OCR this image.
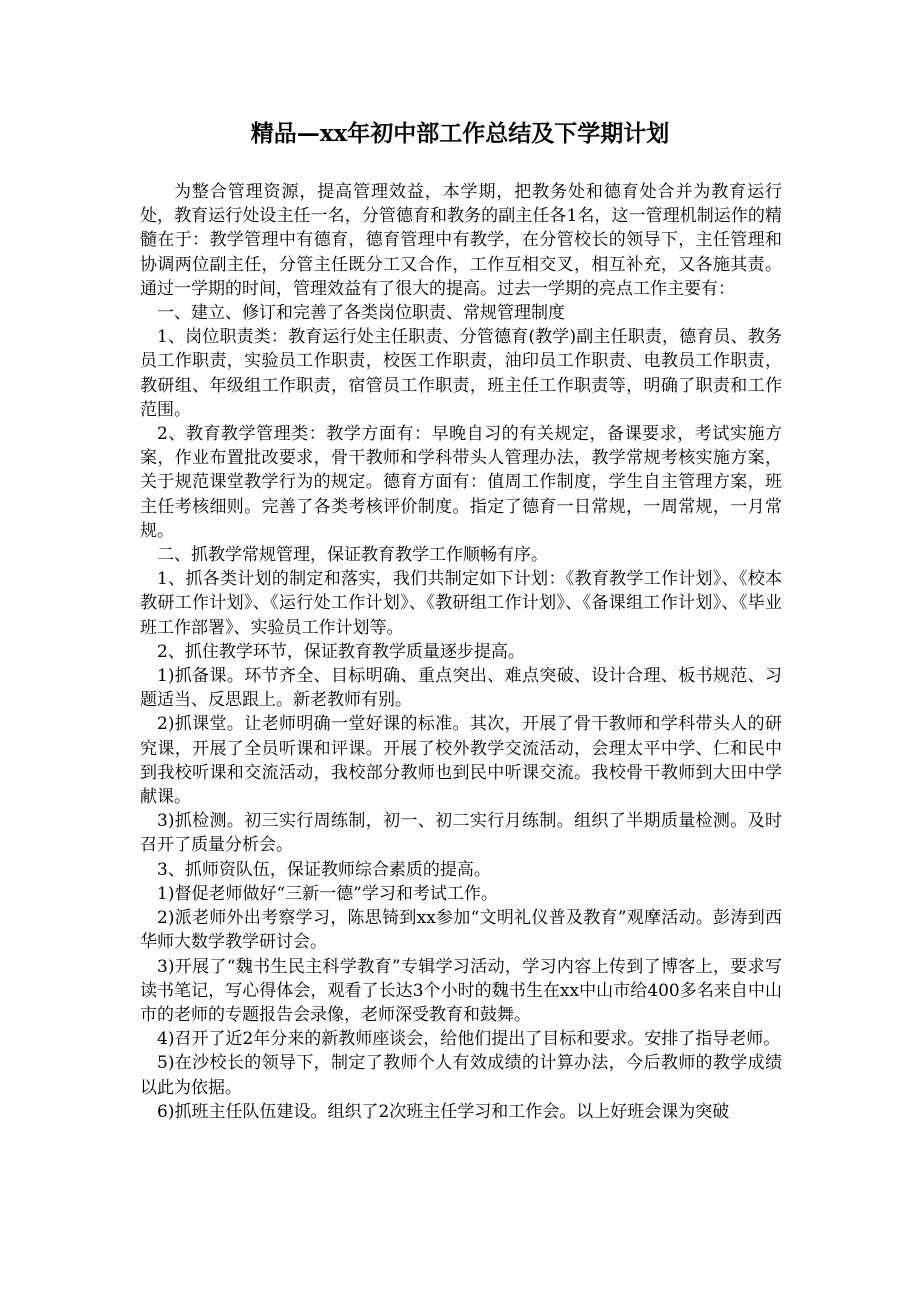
精品—xx年初中部工作总结及下学期计划

为整合管理资源，提高管理效益，本学期，把教务处和德育处合并为教育运行处，教育运行处设主任一名，分管德育和教务的副主任各1名，这一管理机制运作的精髓在于：教学管理中有德育，德育管理中有教学，在分管校长的领导下，主任管理和协调两位副主任，分管主任既分工又合作，工作互相交叉，相互补充，又各施其责。通过一学期的时间，管理效益有了很大的提高。过去一学期的亮点工作主要有：

一、建立、修订和完善了各类岗位职责、常规管理制度

1、岗位职责类：教育运行处主任职责、分管德育(教学)副主任职责，德育员、教务员工作职责，实验员工作职责，校医工作职责，油印员工作职责、电教员工作职责，教研组、年级组工作职责，宿管员工作职责，班主任工作职责等，明确了职责和工作范围。

2、教育教学管理类：教学方面有：早晚自习的有关规定，备课要求，考试实施方案，作业布置批改要求，骨干教师和学科带头人管理办法，教学常规考核实施方案，关于规范课堂教学行为的规定。德育方面有：值周工作制度，学生自主管理方案，班主任考核细则。完善了各类考核评价制度。指定了德育一日常规，一周常规，一月常规。

二、抓教学常规管理，保证教育教学工作顺畅有序。

1、抓各类计划的制定和落实，我们共制定如下计划：《教育教学工作计划》、《校本教研工作计划》、《运行处工作计划》、《教研组工作计划》、《备课组工作计划》、《毕业班工作部署》、实验员工作计划等。

2、抓住教学环节，保证教育教学质量逐步提高。

1)抓备课。环节齐全、目标明确、重点突出、难点突破、设计合理、板书规范、习题适当、反思跟上。新老教师有别。

2)抓课堂。让老师明确一堂好课的标准。其次，开展了骨干教师和学科带头人的研究课，开展了全员听课和评课。开展了校外教学交流活动，会理太平中学、仁和民中到我校听课和交流活动，我校部分教师也到民中听课交流。我校骨干教师到大田中学献课。

3)抓检测。初三实行周练制，初一、初二实行月练制。组织了半期质量检测。及时召开了质量分析会。

3、抓师资队伍，保证教师综合素质的提高。

1)督促老师做好“三新一德”学习和考试工作。

2)派老师外出考察学习，陈思锜到xx参加“文明礼仪普及教育”观摩活动。彭涛到西华师大数学教学研讨会。

3)开展了“魏书生民主科学教育”专辑学习活动，学习内容上传到了博客上，要求写读书笔记，写心得体会，观看了长达3个小时的魏书生在xx中山市给400多名来自中山市的老师的专题报告会录像，老师深受教育和鼓舞。

4)召开了近2年分来的新教师座谈会，给他们提出了目标和要求。安排了指导老师。

5)在沙校长的领导下，制定了教师个人有效成绩的计算办法，今后教师的教学成绩以此为依据。

6)抓班主任队伍建设。组织了2次班主任学习和工作会。以上好班会课为突破
